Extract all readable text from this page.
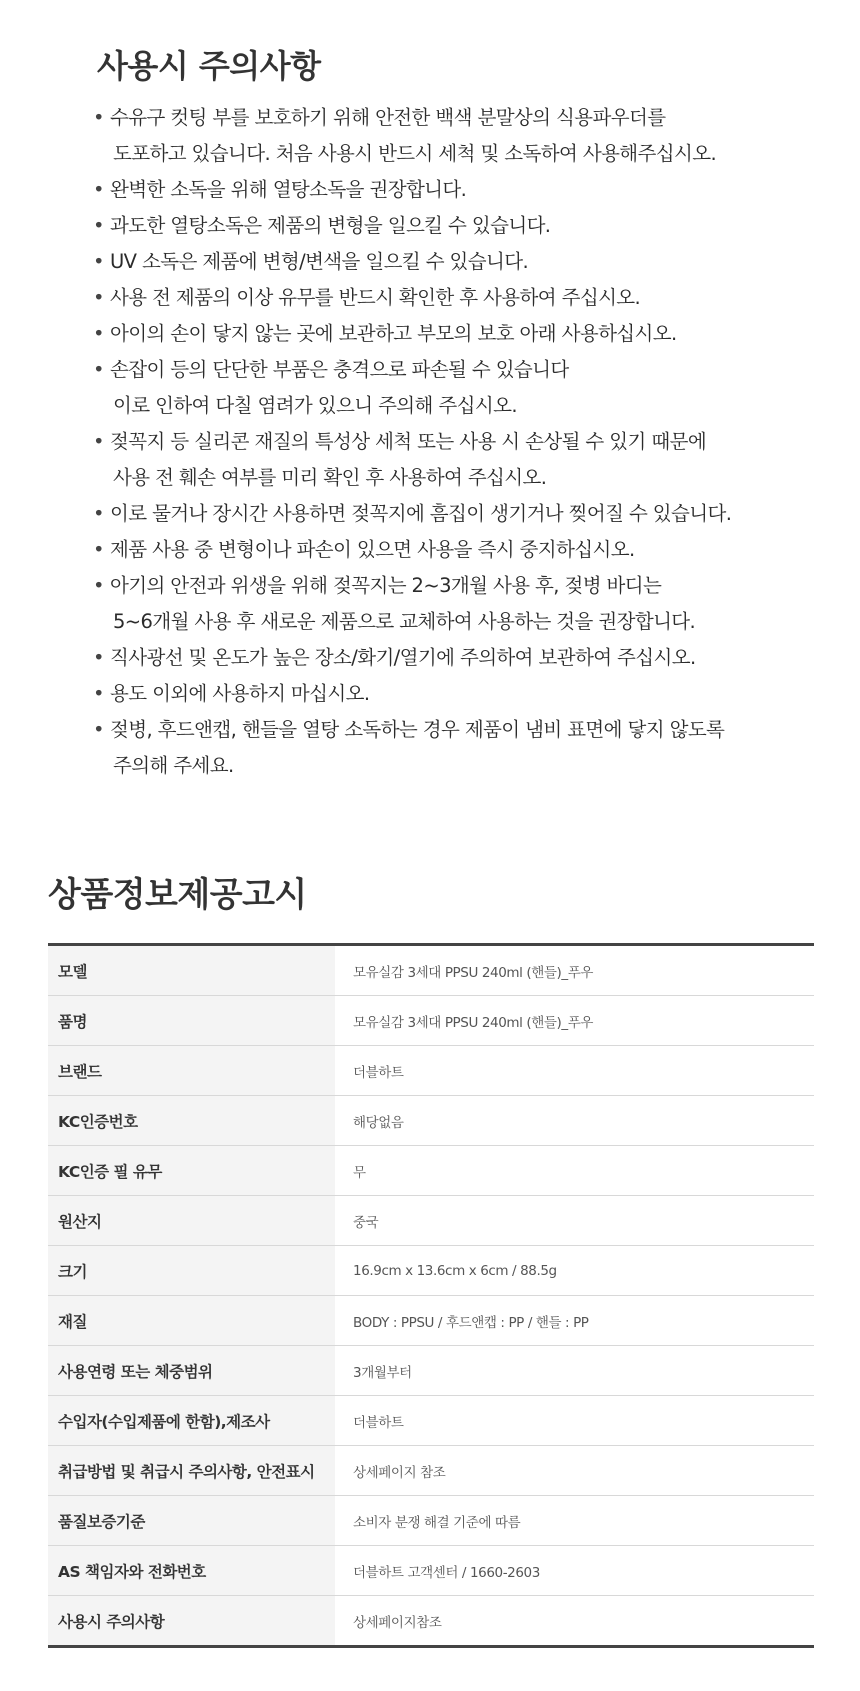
사용시 주의사항
• 수유구 컷팅 부를 보호하기 위해 안전한 백색 분말상의 식용파우더를
도포하고 있습니다. 처음 사용시 반드시 세척 및 소독하여 사용해주십시오.
• 완벽한 소독을 위해 열탕소독을 권장합니다.
• 과도한 열탕소독은 제품의 변형을 일으킬 수 있습니다.
• UV 소독은 제품에 변형/변색을 일으킬 수 있습니다.
• 사용 전 제품의 이상 유무를 반드시 확인한 후 사용하여 주십시오.
• 아이의 손이 닿지 않는 곳에 보관하고 부모의 보호 아래 사용하십시오.
• 손잡이 등의 단단한 부품은 충격으로 파손될 수 있습니다
이로 인하여 다칠 염려가 있으니 주의해 주십시오.
• 젖꼭지 등 실리콘 재질의 특성상 세척 또는 사용 시 손상될 수 있기 때문에
사용 전 훼손 여부를 미리 확인 후 사용하여 주십시오.
• 이로 물거나 장시간 사용하면 젖꼭지에 흠집이 생기거나 찢어질 수 있습니다.
• 제품 사용 중 변형이나 파손이 있으면 사용을 즉시 중지하십시오.
• 아기의 안전과 위생을 위해 젖꼭지는 2~3개월 사용 후, 젖병 바디는
5~6개월 사용 후 새로운 제품으로 교체하여 사용하는 것을 권장합니다.
• 직사광선 및 온도가 높은 장소/화기/열기에 주의하여 보관하여 주십시오.
• 용도 이외에 사용하지 마십시오.
• 젖병, 후드앤캡, 핸들을 열탕 소독하는 경우 제품이 냄비 표면에 닿지 않도록
주의해 주세요.
상품정보제공고시
모델	모유실감 3세대 PPSU 240ml (핸들)_푸우
품명	모유실감 3세대 PPSU 240ml (핸들)_푸우
브랜드	더블하트
KC인증번호	해당없음
KC인증 필 유무	무
원산지	중국
크기	16.9cm x 13.6cm x 6cm / 88.5g
재질	BODY : PPSU / 후드앤캡 : PP / 핸들 : PP
사용연령 또는 체중범위	3개월부터
수입자(수입제품에 한함),제조사	더블하트
취급방법 및 취급시 주의사항, 안전표시	상세페이지 참조
품질보증기준	소비자 분쟁 해결 기준에 따름
AS 책임자와 전화번호	더블하트 고객센터 / 1660-2603
사용시 주의사항	상세페이지참조
